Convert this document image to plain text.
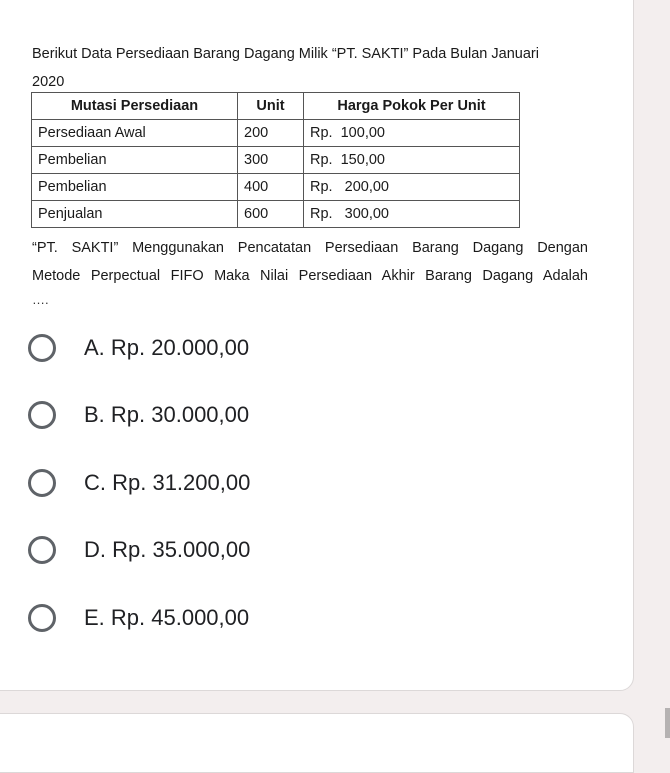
Berikut Data Persediaan Barang Dagang Milik “PT. SAKTI” Pada Bulan Januari
2020
Mutasi Persediaan	Unit	Harga Pokok Per Unit
Persediaan Awal	200	Rp.  100,00
Pembelian	300	Rp.  150,00
Pembelian	400	Rp.   200,00
Penjualan	600	Rp.   300,00
“PT. SAKTI” Menggunakan Pencatatan Persediaan Barang Dagang Dengan
Metode Perpectual FIFO Maka Nilai Persediaan Akhir Barang Dagang Adalah
….
A. Rp. 20.000,00
B. Rp. 30.000,00
C. Rp. 31.200,00
D. Rp. 35.000,00
E. Rp. 45.000,00
